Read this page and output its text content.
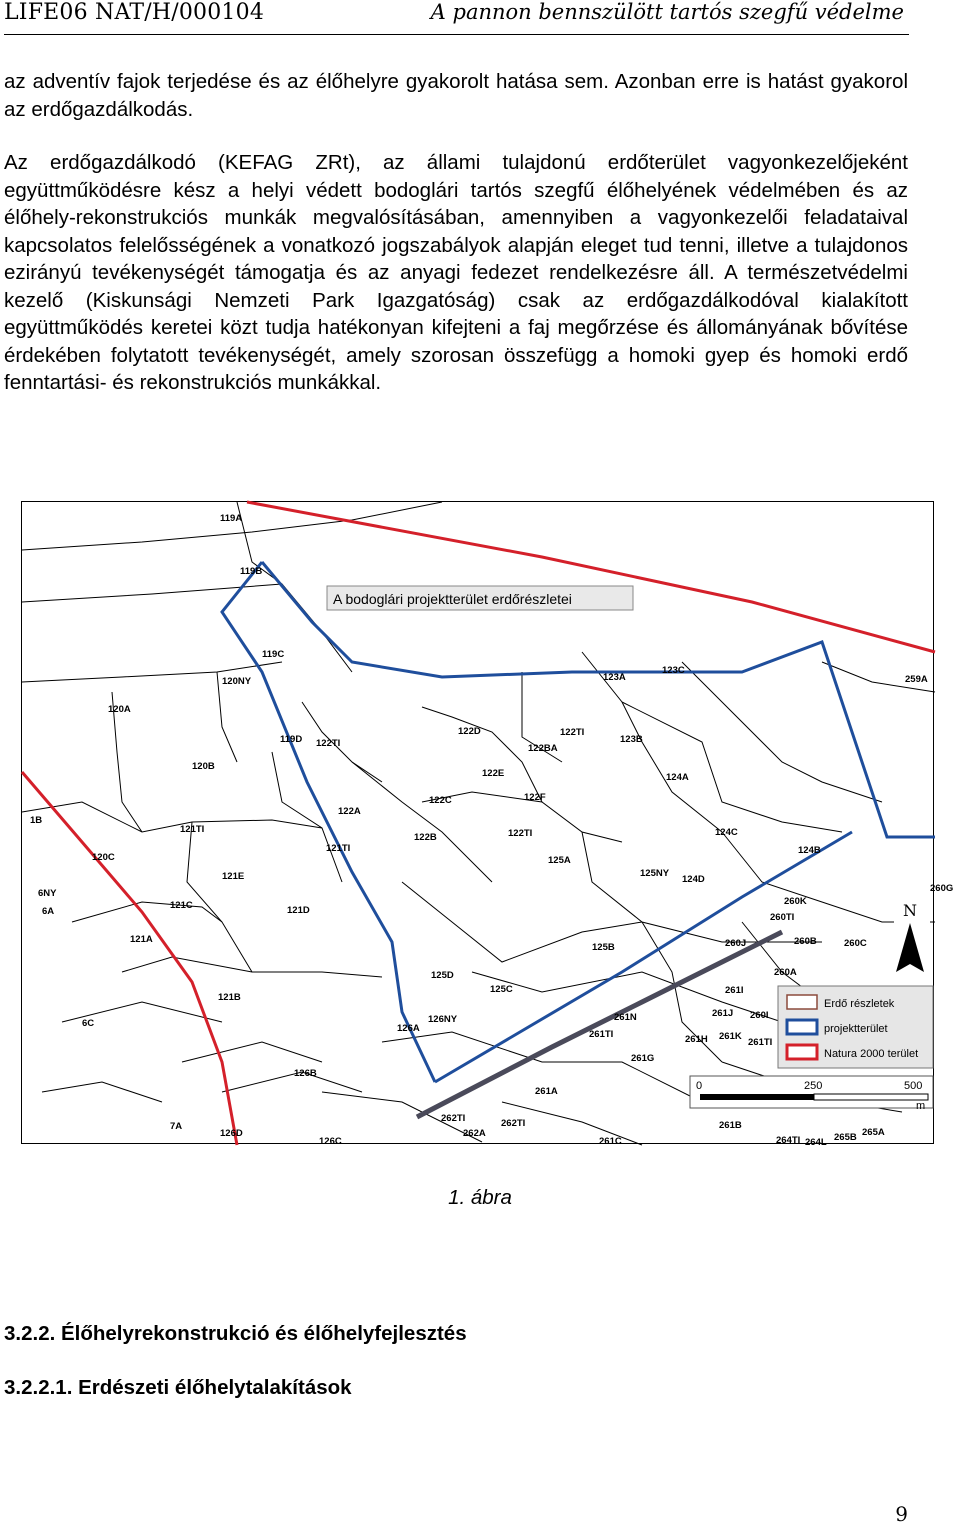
LIFE06 NAT/H/000104	A pannon bennszülött tartós szegfű védelme
az adventív fajok terjedése és az élőhelyre gyakorolt hatása sem. Azonban erre is hatást gyakorol az erdőgazdálkodás.
Az erdőgazdálkodó (KEFAG ZRt), az állami tulajdonú erdőterület vagyonkezelőjeként együttműködésre kész a helyi védett bodoglári tartós szegfű élőhelyének védelmében és az élőhely-rekonstrukciós munkák megvalósításában, amennyiben a vagyonkezelői feladataival kapcsolatos felelősségének a vonatkozó jogszabályok alapján eleget tud tenni, illetve a tulajdonos ezirányú tevékenységét támogatja és az anyagi fedezet rendelkezésre áll. A természetvédelmi kezelő (Kiskunsági Nemzeti Park Igazgatóság) csak az erdőgazdálkodóval kialakított együttműködés keretei közt tudja hatékonyan kifejteni a faj megőrzése és állományának bővítése érdekében folytatott tevékenységét, amely szorosan összefügg a homoki gyep és homoki erdő fenntartási- és rekonstrukciós munkákkal.
A bodoglári projektterület erdőrészletei
119A
119B
119C
120NY
120A
119D 122TI
120B
1B
121TI
120C
122A
121TI
121E
6NY
6A
121C	121D
121A
121B
6C
7A
126D
126B
126C
122D
122BA
122E
122C	122F
122B	122TI
125A
125D
125C
126A
126NY
262TI
262A
262TI
123A
123C
122TI
123B
124A
124C
125NY
124D
124B
125B
259A
260K
260TI
260J	260B	260C
260A
260G
261I
261N
261TI
261J
261H 261K
261G
261A
261B
261C	264TI 264L 265B 265A
260I
261TI
N
Erdő részletek
projektterület
Natura 2000 terület
0	250	500
m
1. ábra
3.2.2. Élőhelyrekonstrukció és élőhelyfejlesztés
3.2.2.1. Erdészeti élőhelytalakítások
9
